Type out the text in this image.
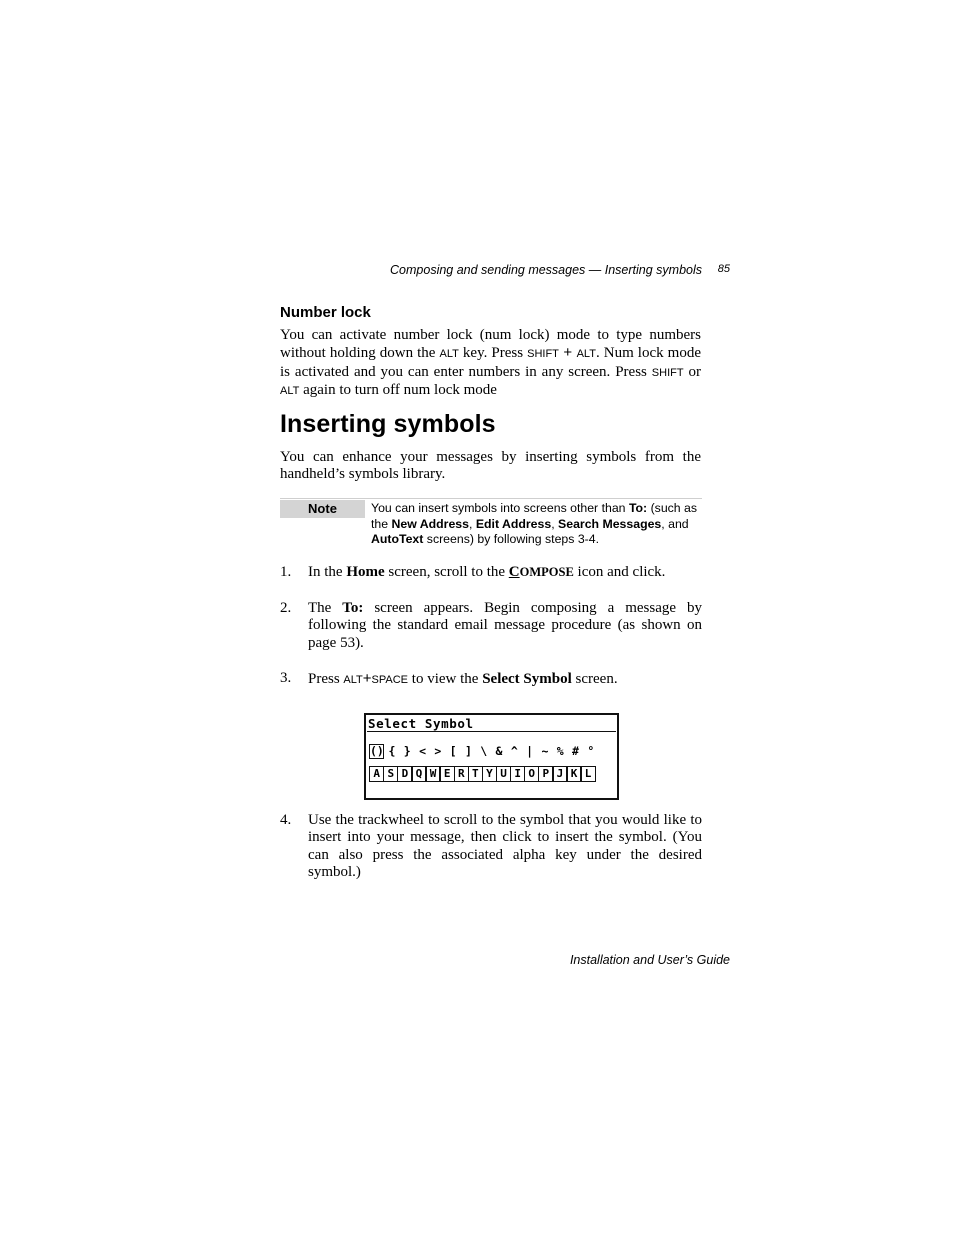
Composing and sending messages — Inserting symbols 85
Number lock

You can activate number lock (num lock) mode to type numbers without holding down the ALT key. Press SHIFT + ALT. Num lock mode is activated and you can enter numbers in any screen. Press SHIFT or ALT again to turn off num lock mode

Inserting symbols

You can enhance your messages by inserting symbols from the handheld’s symbols library.

Note	You can insert symbols into screens other than To: (such as the New Address, Edit Address, Search Messages, and AutoText screens) by following steps 3-4.

1. In the Home screen, scroll to the COMPOSE icon and click.
2. The To: screen appears. Begin composing a message by following the standard email message procedure (as shown on page 53).
3. Press ALT+SPACE to view the Select Symbol screen.
Select Symbol
() { } < > [ ] \ & ^ | ~ % # °
A S D Q W E R T Y U I O P J K L
4. Use the trackwheel to scroll to the symbol that you would like to insert into your message, then click to insert the symbol. (You can also press the associated alpha key under the desired symbol.)
Installation and User’s Guide
